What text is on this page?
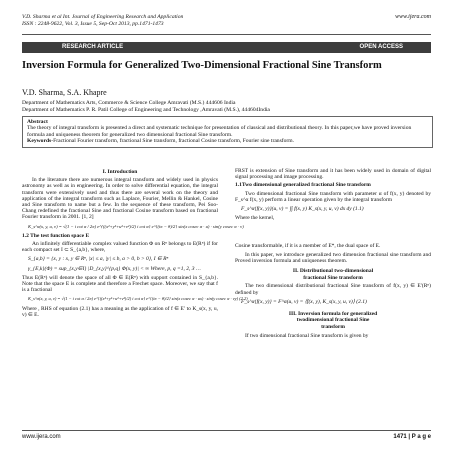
V.D. Sharma et al Int. Journal of Engineering Research and Application
ISSN : 2248-9622, Vol. 3, Issue 5, Sep-Oct 2013, pp.1471-1473
www.ijera.com
RESEARCH ARTICLE	OPEN ACCESS
Inversion Formula for Generalized Two-Dimensional Fractional Sine Transform
V.D. Sharma, S.A. Khapre
Department of Mathematics Arts, Commerce & Science College Amravati (M.S.) 444606 India
Department of Mathematics P. R. Patil College of Engineering and Technology ,Amravati (M.S.), 444604India
Abstract
The theory of integral transform is presented a direct and systematic technique for presentation of classical and distributional theory. In this paper,we have proved inversion formula and uniqueness theorem for generalized two dimensional fractional Sine transform.
Keywords-Fractional Fourier transform, fractional Sine transform, fractional Cosine transform, Fourier sine transform.
I. Introduction
In the literature there are numerous integral transform and widely used in physics astronomy as well as in engineering. In order to solve differential equation, the integral transform were extensively used and thus there are several work on the theory and application of the integral transform such as Laplace, Fourier, Mellin & Hankel, Cosine and Sine transform to name but a few. In the sequence of these transform, Pei Soo-Chang redefined the fractional Sine and fractional Cosine transform based on fractional Fourier transform in 2001. [1, 2]
K_s^α(x, y, u, v) = √(1 − i cot α / 2π) e^{((x²+y²+u²+v²)/2) i cot α} e^{(iπ − θ)/2} sin(x cosec α · u) · sin(y cosec α · v)
1.2 The test function space E
An infinitely differentiable complex valued function Φ on Rⁿ belongs to E(Rⁿ) if for each compact set I ⊂ S_{a,b}, where,
S_{a,b} = {x, y : x, y ∈ Rⁿ, |x| ≤ a, |y| ≤ b, a > 0, b > 0}, I ∈ Rⁿ
γ_{E,k}(Φ) = sup_{x,y∈I} |D_{x,y}^{p,q} Φ(x, y)| < ∞ Where, p, q =1, 2, 3 …
Thus E(Rⁿ) will denote the space of all Φ ∈ E(Rⁿ) with support contained in S_{a,b}. Note that the space E is complete and therefore a Frechet space. Moreover, we say that f is a fractional
K_s^α(x, y, u, v) = √(1 − i cot α / 2π) e^{((x²+y²+u²+v²)/2) i cot α} e^{(iπ − θ)/2} sin(x cosec α · ux) · sin(y cosec α · vy) (2.2)
Where , RHS of equation (2.1) has a meaning as the application of f ∈ E′ to K_s(x, y, u, v) ∈ E.
FRST is extension of Sine transform and it has been widely used in domain of digital signal processing and image processing.
1.1Two dimensional generalized fractional Sine transform
Two dimensional fractional Sine transform with parameter α of f(x, y) denoted by F_s^α f(x, y) perform a linear operation given by the integral transform
F_s^α{f(x, y)}(u, v) = ∫∫ f(x, y) K_s(x, y, u, v) dx dy (1.1)
Where the kernel,
Cosine transformable, if it is a member of E*, the dual space of E.
In this paper, we introduce generalized two dimension fractional sine transform and Proved inversion formula and uniqueness theorem.
II. Distributional two-dimensional
fractional Sine transform
The two dimensional distributional fractional Sine transform of f(x, y) ∈ E′(Rⁿ) defined by
F_s^α{f(x, y)} = F^α(u, v) = ⟨f(x, y), K_s(x, y, u, v)⟩ (2.1)
III. Inversion formula for generalized
twodimensional fractional Sine
transform
If two dimensional fractional Sine transform is given by
www.ijera.com	1471 | P a g e
